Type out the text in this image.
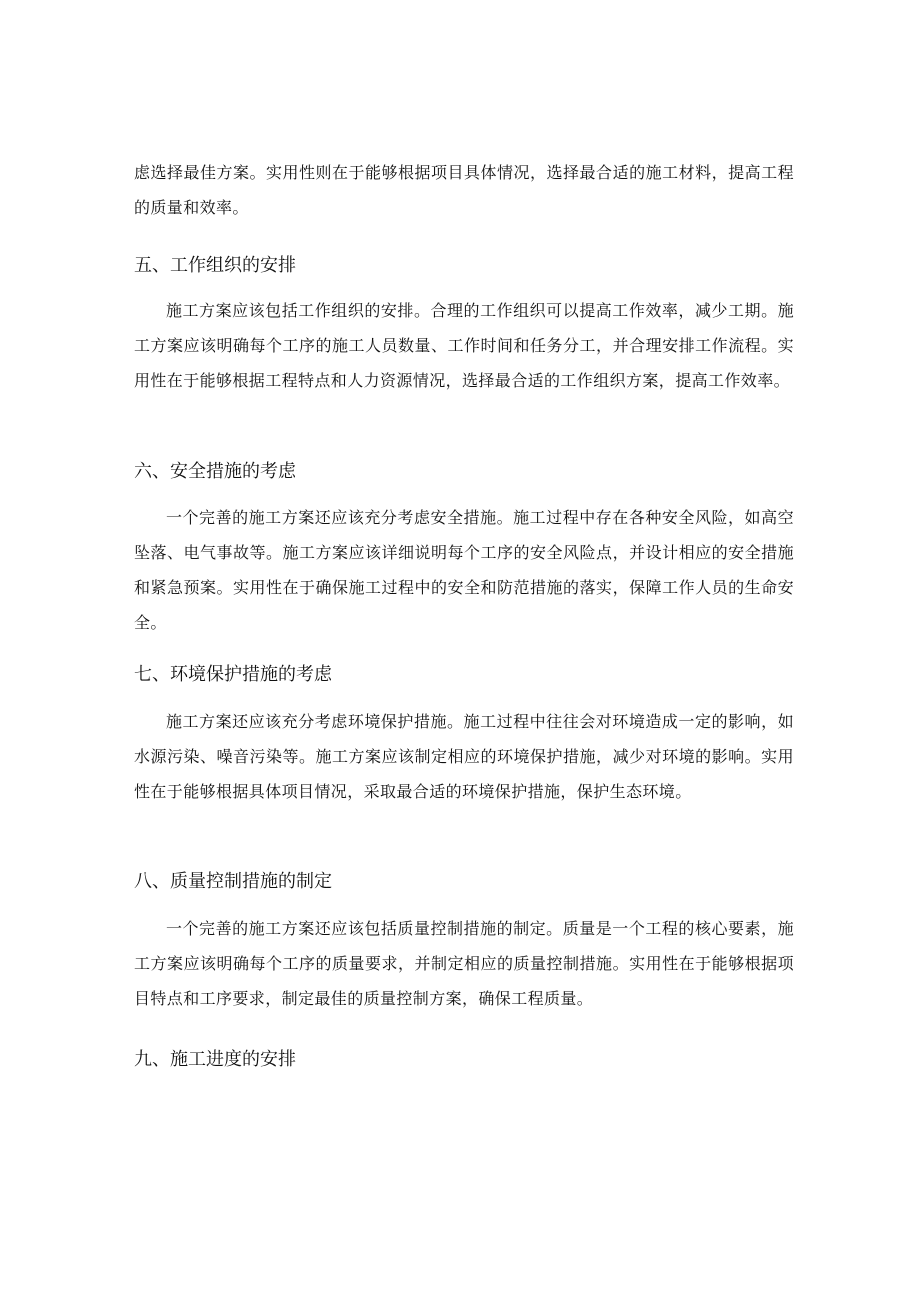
虑选择最佳方案。实用性则在于能够根据项目具体情况，选择最合适的施工材料，提高工程的质量和效率。

五、工作组织的安排

施工方案应该包括工作组织的安排。合理的工作组织可以提高工作效率，减少工期。施工方案应该明确每个工序的施工人员数量、工作时间和任务分工，并合理安排工作流程。实用性在于能够根据工程特点和人力资源情况，选择最合适的工作组织方案，提高工作效率。

六、安全措施的考虑

一个完善的施工方案还应该充分考虑安全措施。施工过程中存在各种安全风险，如高空坠落、电气事故等。施工方案应该详细说明每个工序的安全风险点，并设计相应的安全措施和紧急预案。实用性在于确保施工过程中的安全和防范措施的落实，保障工作人员的生命安全。

七、环境保护措施的考虑

施工方案还应该充分考虑环境保护措施。施工过程中往往会对环境造成一定的影响，如水源污染、噪音污染等。施工方案应该制定相应的环境保护措施，减少对环境的影响。实用性在于能够根据具体项目情况，采取最合适的环境保护措施，保护生态环境。

八、质量控制措施的制定

一个完善的施工方案还应该包括质量控制措施的制定。质量是一个工程的核心要素，施工方案应该明确每个工序的质量要求，并制定相应的质量控制措施。实用性在于能够根据项目特点和工序要求，制定最佳的质量控制方案，确保工程质量。

九、施工进度的安排
